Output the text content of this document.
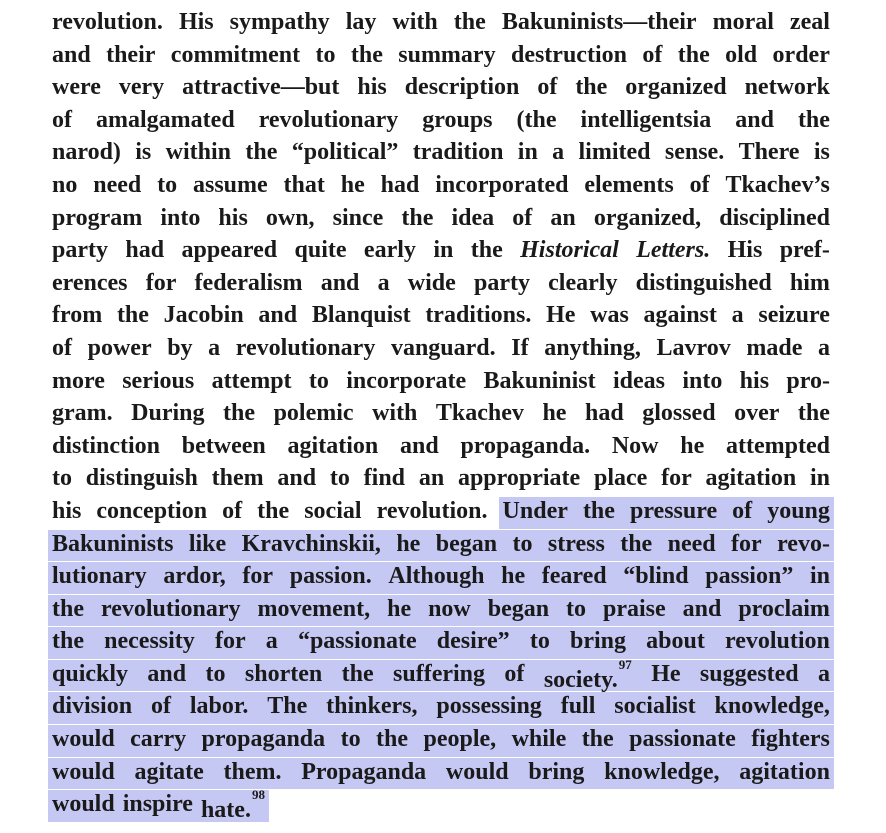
revolution. His sympathy lay with the Bakuninists—their moral zeal
and their commitment to the summary destruction of the old order
were very attractive—but his description of the organized network
of amalgamated revolutionary groups (the intelligentsia and the
narod) is within the “political” tradition in a limited sense. There is
no need to assume that he had incorporated elements of Tkachev’s
program into his own, since the idea of an organized, disciplined
party had appeared quite early in the Historical Letters. His pref-
erences for federalism and a wide party clearly distinguished him
from the Jacobin and Blanquist traditions. He was against a seizure
of power by a revolutionary vanguard. If anything, Lavrov made a
more serious attempt to incorporate Bakuninist ideas into his pro-
gram. During the polemic with Tkachev he had glossed over the
distinction between agitation and propaganda. Now he attempted
to distinguish them and to find an appropriate place for agitation in
his conception of the social revolution. Under the pressure of young
Bakuninists like Kravchinskii, he began to stress the need for revo-
lutionary ardor, for passion. Although he feared “blind passion” in
the revolutionary movement, he now began to praise and proclaim
the necessity for a “passionate desire” to bring about revolution
quickly and to shorten the suffering of society.$^{97}$ He suggested a
division of labor. The thinkers, possessing full socialist knowledge,
would carry propaganda to the people, while the passionate fighters
would agitate them. Propaganda would bring knowledge, agitation
would inspire hate.$^{98}$
